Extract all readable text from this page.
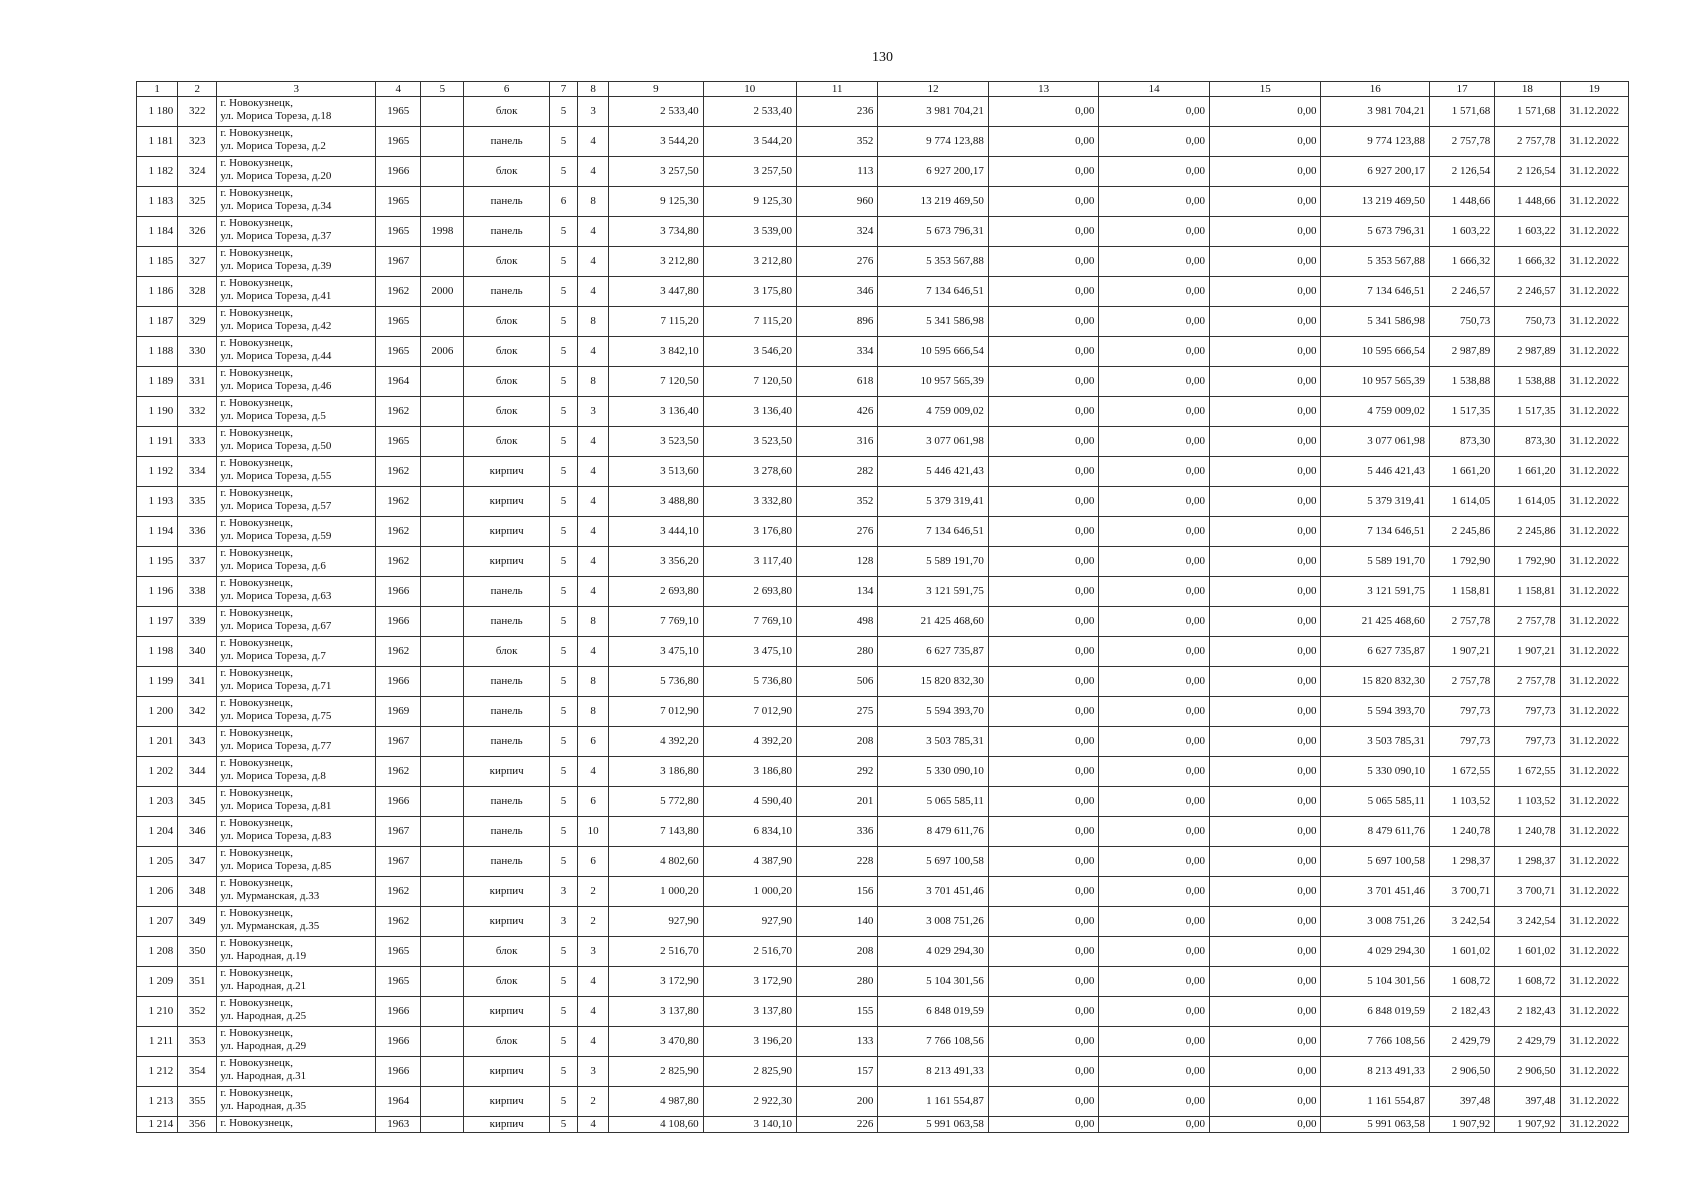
130
1	2	3	4	5	6	7	8	9	10	11	12	13	14	15	16	17	18	19
1 180	322	г. Новокузнецк,
ул. Мориса Тореза, д.18	1965		блок	5	3	2 533,40	2 533,40	236	3 981 704,21	0,00	0,00	0,00	3 981 704,21	1 571,68	1 571,68	31.12.2022
1 181	323	г. Новокузнецк,
ул. Мориса Тореза, д.2	1965		панель	5	4	3 544,20	3 544,20	352	9 774 123,88	0,00	0,00	0,00	9 774 123,88	2 757,78	2 757,78	31.12.2022
1 182	324	г. Новокузнецк,
ул. Мориса Тореза, д.20	1966		блок	5	4	3 257,50	3 257,50	113	6 927 200,17	0,00	0,00	0,00	6 927 200,17	2 126,54	2 126,54	31.12.2022
1 183	325	г. Новокузнецк,
ул. Мориса Тореза, д.34	1965		панель	6	8	9 125,30	9 125,30	960	13 219 469,50	0,00	0,00	0,00	13 219 469,50	1 448,66	1 448,66	31.12.2022
1 184	326	г. Новокузнецк,
ул. Мориса Тореза, д.37	1965	1998	панель	5	4	3 734,80	3 539,00	324	5 673 796,31	0,00	0,00	0,00	5 673 796,31	1 603,22	1 603,22	31.12.2022
1 185	327	г. Новокузнецк,
ул. Мориса Тореза, д.39	1967		блок	5	4	3 212,80	3 212,80	276	5 353 567,88	0,00	0,00	0,00	5 353 567,88	1 666,32	1 666,32	31.12.2022
1 186	328	г. Новокузнецк,
ул. Мориса Тореза, д.41	1962	2000	панель	5	4	3 447,80	3 175,80	346	7 134 646,51	0,00	0,00	0,00	7 134 646,51	2 246,57	2 246,57	31.12.2022
1 187	329	г. Новокузнецк,
ул. Мориса Тореза, д.42	1965		блок	5	8	7 115,20	7 115,20	896	5 341 586,98	0,00	0,00	0,00	5 341 586,98	750,73	750,73	31.12.2022
1 188	330	г. Новокузнецк,
ул. Мориса Тореза, д.44	1965	2006	блок	5	4	3 842,10	3 546,20	334	10 595 666,54	0,00	0,00	0,00	10 595 666,54	2 987,89	2 987,89	31.12.2022
1 189	331	г. Новокузнецк,
ул. Мориса Тореза, д.46	1964		блок	5	8	7 120,50	7 120,50	618	10 957 565,39	0,00	0,00	0,00	10 957 565,39	1 538,88	1 538,88	31.12.2022
1 190	332	г. Новокузнецк,
ул. Мориса Тореза, д.5	1962		блок	5	3	3 136,40	3 136,40	426	4 759 009,02	0,00	0,00	0,00	4 759 009,02	1 517,35	1 517,35	31.12.2022
1 191	333	г. Новокузнецк,
ул. Мориса Тореза, д.50	1965		блок	5	4	3 523,50	3 523,50	316	3 077 061,98	0,00	0,00	0,00	3 077 061,98	873,30	873,30	31.12.2022
1 192	334	г. Новокузнецк,
ул. Мориса Тореза, д.55	1962		кирпич	5	4	3 513,60	3 278,60	282	5 446 421,43	0,00	0,00	0,00	5 446 421,43	1 661,20	1 661,20	31.12.2022
1 193	335	г. Новокузнецк,
ул. Мориса Тореза, д.57	1962		кирпич	5	4	3 488,80	3 332,80	352	5 379 319,41	0,00	0,00	0,00	5 379 319,41	1 614,05	1 614,05	31.12.2022
1 194	336	г. Новокузнецк,
ул. Мориса Тореза, д.59	1962		кирпич	5	4	3 444,10	3 176,80	276	7 134 646,51	0,00	0,00	0,00	7 134 646,51	2 245,86	2 245,86	31.12.2022
1 195	337	г. Новокузнецк,
ул. Мориса Тореза, д.6	1962		кирпич	5	4	3 356,20	3 117,40	128	5 589 191,70	0,00	0,00	0,00	5 589 191,70	1 792,90	1 792,90	31.12.2022
1 196	338	г. Новокузнецк,
ул. Мориса Тореза, д.63	1966		панель	5	4	2 693,80	2 693,80	134	3 121 591,75	0,00	0,00	0,00	3 121 591,75	1 158,81	1 158,81	31.12.2022
1 197	339	г. Новокузнецк,
ул. Мориса Тореза, д.67	1966		панель	5	8	7 769,10	7 769,10	498	21 425 468,60	0,00	0,00	0,00	21 425 468,60	2 757,78	2 757,78	31.12.2022
1 198	340	г. Новокузнецк,
ул. Мориса Тореза, д.7	1962		блок	5	4	3 475,10	3 475,10	280	6 627 735,87	0,00	0,00	0,00	6 627 735,87	1 907,21	1 907,21	31.12.2022
1 199	341	г. Новокузнецк,
ул. Мориса Тореза, д.71	1966		панель	5	8	5 736,80	5 736,80	506	15 820 832,30	0,00	0,00	0,00	15 820 832,30	2 757,78	2 757,78	31.12.2022
1 200	342	г. Новокузнецк,
ул. Мориса Тореза, д.75	1969		панель	5	8	7 012,90	7 012,90	275	5 594 393,70	0,00	0,00	0,00	5 594 393,70	797,73	797,73	31.12.2022
1 201	343	г. Новокузнецк,
ул. Мориса Тореза, д.77	1967		панель	5	6	4 392,20	4 392,20	208	3 503 785,31	0,00	0,00	0,00	3 503 785,31	797,73	797,73	31.12.2022
1 202	344	г. Новокузнецк,
ул. Мориса Тореза, д.8	1962		кирпич	5	4	3 186,80	3 186,80	292	5 330 090,10	0,00	0,00	0,00	5 330 090,10	1 672,55	1 672,55	31.12.2022
1 203	345	г. Новокузнецк,
ул. Мориса Тореза, д.81	1966		панель	5	6	5 772,80	4 590,40	201	5 065 585,11	0,00	0,00	0,00	5 065 585,11	1 103,52	1 103,52	31.12.2022
1 204	346	г. Новокузнецк,
ул. Мориса Тореза, д.83	1967		панель	5	10	7 143,80	6 834,10	336	8 479 611,76	0,00	0,00	0,00	8 479 611,76	1 240,78	1 240,78	31.12.2022
1 205	347	г. Новокузнецк,
ул. Мориса Тореза, д.85	1967		панель	5	6	4 802,60	4 387,90	228	5 697 100,58	0,00	0,00	0,00	5 697 100,58	1 298,37	1 298,37	31.12.2022
1 206	348	г. Новокузнецк,
ул. Мурманская, д.33	1962		кирпич	3	2	1 000,20	1 000,20	156	3 701 451,46	0,00	0,00	0,00	3 701 451,46	3 700,71	3 700,71	31.12.2022
1 207	349	г. Новокузнецк,
ул. Мурманская, д.35	1962		кирпич	3	2	927,90	927,90	140	3 008 751,26	0,00	0,00	0,00	3 008 751,26	3 242,54	3 242,54	31.12.2022
1 208	350	г. Новокузнецк,
ул. Народная, д.19	1965		блок	5	3	2 516,70	2 516,70	208	4 029 294,30	0,00	0,00	0,00	4 029 294,30	1 601,02	1 601,02	31.12.2022
1 209	351	г. Новокузнецк,
ул. Народная, д.21	1965		блок	5	4	3 172,90	3 172,90	280	5 104 301,56	0,00	0,00	0,00	5 104 301,56	1 608,72	1 608,72	31.12.2022
1 210	352	г. Новокузнецк,
ул. Народная, д.25	1966		кирпич	5	4	3 137,80	3 137,80	155	6 848 019,59	0,00	0,00	0,00	6 848 019,59	2 182,43	2 182,43	31.12.2022
1 211	353	г. Новокузнецк,
ул. Народная, д.29	1966		блок	5	4	3 470,80	3 196,20	133	7 766 108,56	0,00	0,00	0,00	7 766 108,56	2 429,79	2 429,79	31.12.2022
1 212	354	г. Новокузнецк,
ул. Народная, д.31	1966		кирпич	5	3	2 825,90	2 825,90	157	8 213 491,33	0,00	0,00	0,00	8 213 491,33	2 906,50	2 906,50	31.12.2022
1 213	355	г. Новокузнецк,
ул. Народная, д.35	1964		кирпич	5	2	4 987,80	2 922,30	200	1 161 554,87	0,00	0,00	0,00	1 161 554,87	397,48	397,48	31.12.2022
1 214	356	г. Новокузнецк,	1963		кирпич	5	4	4 108,60	3 140,10	226	5 991 063,58	0,00	0,00	0,00	5 991 063,58	1 907,92	1 907,92	31.12.2022
